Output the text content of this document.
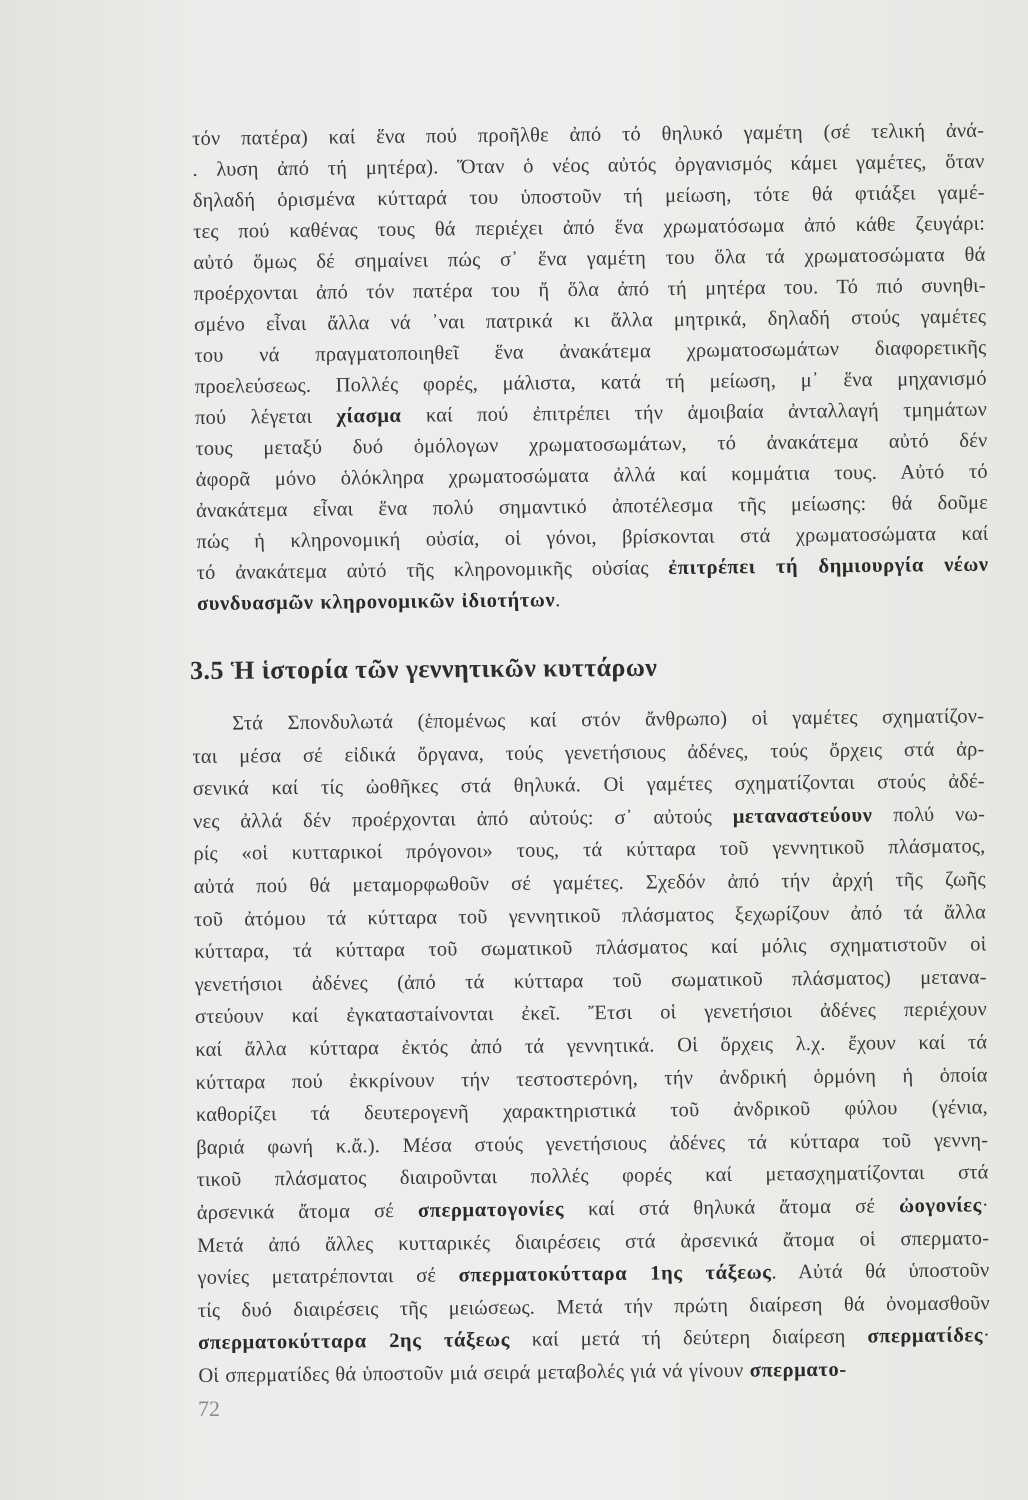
τόν πατέρα) καί ἕνα πού προῆλθε ἀπό τό θηλυκό γαμέτη (σέ τελική ἀνά-
. λυση ἀπό τή μητέρα). Ὅταν ὁ νέος αὐτός ὀργανισμός κάμει γαμέτες, ὅταν
δηλαδή ὁρισμένα κύτταρά του ὑποστοῦν τή μείωση, τότε θά φτιάξει γαμέ-
τες πού καθένας τους θά περιέχει ἀπό ἕνα χρωματόσωμα ἀπό κάθε ζευγάρι:
αὐτό ὅμως δέ σημαίνει πώς σ᾽ ἕνα γαμέτη του ὅλα τά χρωματοσώματα θά
προέρχονται ἀπό τόν πατέρα του ἤ ὅλα ἀπό τή μητέρα του. Τό πιό συνηθι-
σμένο εἶναι ἄλλα νά ᾽ναι πατρικά κι ἄλλα μητρικά, δηλαδή στούς γαμέτες
του νά πραγματοποιηθεῖ ἕνα ἀνακάτεμα χρωματοσωμάτων διαφορετικῆς
προελεύσεως. Πολλές φορές, μάλιστα, κατά τή μείωση, μ᾽ ἕνα μηχανισμό
πού λέγεται χίασμα καί πού ἐπιτρέπει τήν ἀμοιβαία ἀνταλλαγή τμημάτων
τους μεταξύ δυό ὁμόλογων χρωματοσωμάτων, τό ἀνακάτεμα αὐτό δέν
ἀφορᾶ μόνο ὁλόκληρα χρωματοσώματα ἀλλά καί κομμάτια τους. Αὐτό τό
ἀνακάτεμα εἶναι ἕνα πολύ σημαντικό ἀποτέλεσμα τῆς μείωσης: θά δοῦμε
πώς ἡ κληρονομική οὐσία, οἱ γόνοι, βρίσκονται στά χρωματοσώματα καί
τό ἀνακάτεμα αὐτό τῆς κληρονομικῆς οὐσίας ἐπιτρέπει τή δημιουργία νέων
συνδυασμῶν κληρονομικῶν ἰδιοτήτων.
3.5 Ἡ ἱστορία τῶν γεννητικῶν κυττάρων
Στά Σπονδυλωτά (ἑπομένως καί στόν ἄνθρωπο) οἱ γαμέτες σχηματίζον-
ται μέσα σέ εἰδικά ὄργανα, τούς γενετήσιους ἀδένες, τούς ὄρχεις στά ἀρ-
σενικά καί τίς ὠοθῆκες στά θηλυκά. Οἱ γαμέτες σχηματίζονται στούς ἀδέ-
νες ἀλλά δέν προέρχονται ἀπό αὐτούς: σ᾽ αὐτούς μεταναστεύουν πολύ νω-
ρίς «οἱ κυτταρικοί πρόγονοι» τους, τά κύτταρα τοῦ γεννητικοῦ πλάσματος,
αὐτά πού θά μεταμορφωθοῦν σέ γαμέτες. Σχεδόν ἀπό τήν ἀρχή τῆς ζωῆς
τοῦ ἀτόμου τά κύτταρα τοῦ γεννητικοῦ πλάσματος ξεχωρίζουν ἀπό τά ἄλλα
κύτταρα, τά κύτταρα τοῦ σωματικοῦ πλάσματος καί μόλις σχηματιστοῦν οἱ
γενετήσιοι ἀδένες (ἀπό τά κύτταρα τοῦ σωματικοῦ πλάσματος) μετανα-
στεύουν καί ἐγκαταστaίνονται ἐκεῖ. Ἔτσι οἱ γενετήσιοι ἀδένες περιέχουν
καί ἄλλα κύτταρα ἐκτός ἀπό τά γεννητικά. Οἱ ὄρχεις λ.χ. ἔχουν καί τά
κύτταρα πού ἐκκρίνουν τήν τεστοστερόνη, τήν ἀνδρική ὁρμόνη ἡ ὁποία
καθορίζει τά δευτερογενῆ χαρακτηριστικά τοῦ ἀνδρικοῦ φύλου (γένια,
βαριά φωνή κ.ἄ.). Μέσα στούς γενετήσιους ἀδένες τά κύτταρα τοῦ γεννη-
τικοῦ πλάσματος διαιροῦνται πολλές φορές καί μετασχηματίζονται στά
ἀρσενικά ἄτομα σέ σπερματογονίες καί στά θηλυκά ἄτομα σέ ὠογονίες·
Μετά ἀπό ἄλλες κυτταρικές διαιρέσεις στά ἀρσενικά ἄτομα οἱ σπερματο-
γονίες μετατρέπονται σέ σπερματοκύτταρα 1ης τάξεως. Αὐτά θά ὑποστοῦν
τίς δυό διαιρέσεις τῆς μειώσεως. Μετά τήν πρώτη διαίρεση θά ὀνομασθοῦν
σπερματοκύτταρα 2ης τάξεως καί μετά τή δεύτερη διαίρεση σπερματίδες·
Οἱ σπερματίδες θά ὑποστοῦν μιά σειρά μεταβολές γιά νά γίνουν σπερματο-
72
